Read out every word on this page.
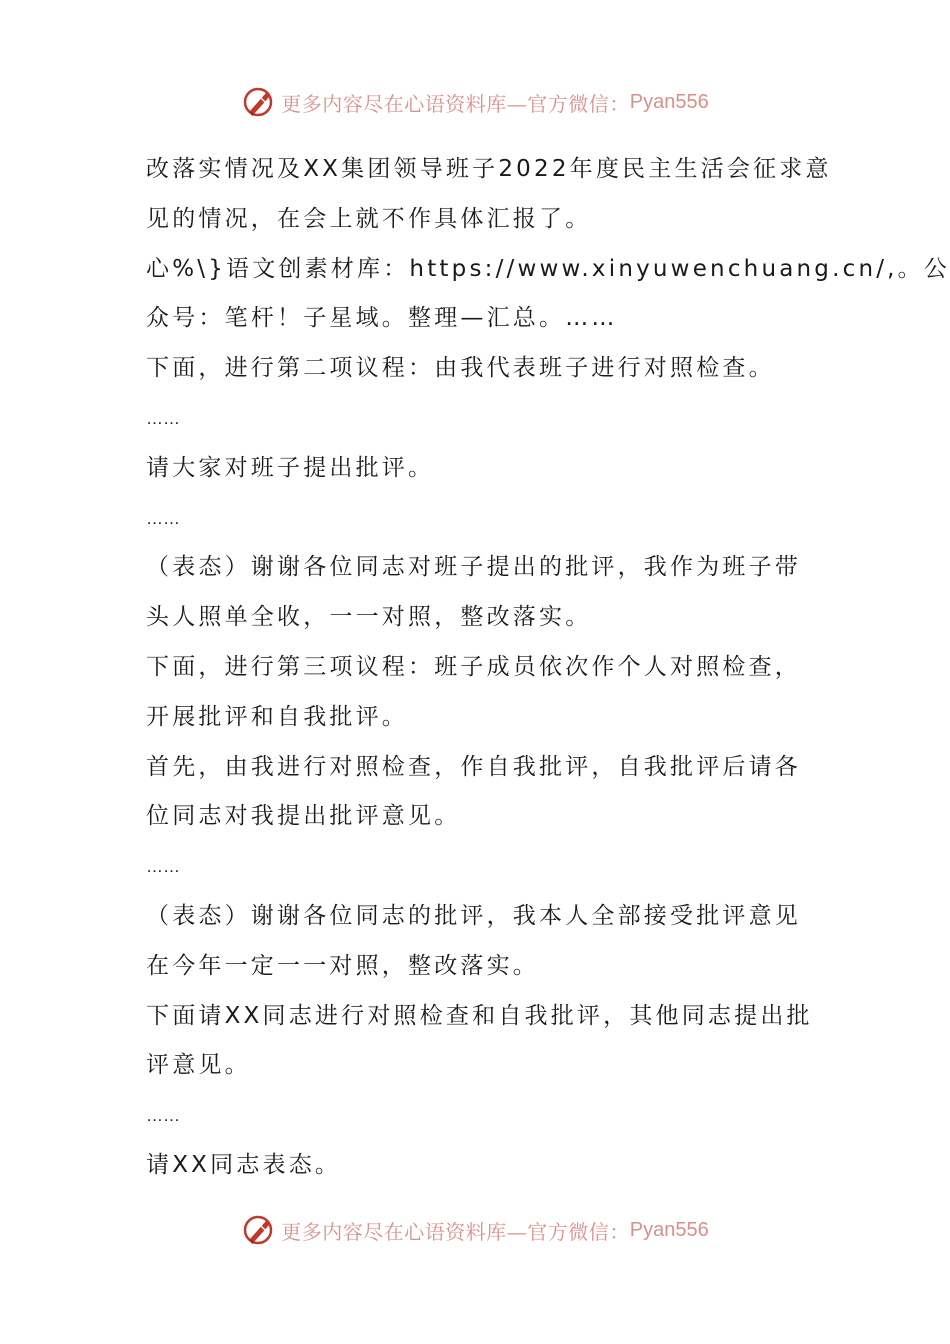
更多内容尽在心语资料库—官方微信： Pyan556
改落实情况及XX集团领导班子2022年度民主生活会征求意
见的情况，在会上就不作具体汇报了。
心%\}语文创素材库：https://www.xinyuwenchuang.cn/,。公
众号：笔杆！子星域。整理—汇总。……
下面，进行第二项议程：由我代表班子进行对照检查。
……
请大家对班子提出批评。
……
（表态）谢谢各位同志对班子提出的批评，我作为班子带
头人照单全收，一一对照，整改落实。
下面，进行第三项议程：班子成员依次作个人对照检查，
开展批评和自我批评。
首先，由我进行对照检查，作自我批评，自我批评后请各
位同志对我提出批评意见。
……
（表态）谢谢各位同志的批评，我本人全部接受批评意见
在今年一定一一对照，整改落实。
下面请XX同志进行对照检查和自我批评，其他同志提出批
评意见。
……
请XX同志表态。
更多内容尽在心语资料库—官方微信： Pyan556
